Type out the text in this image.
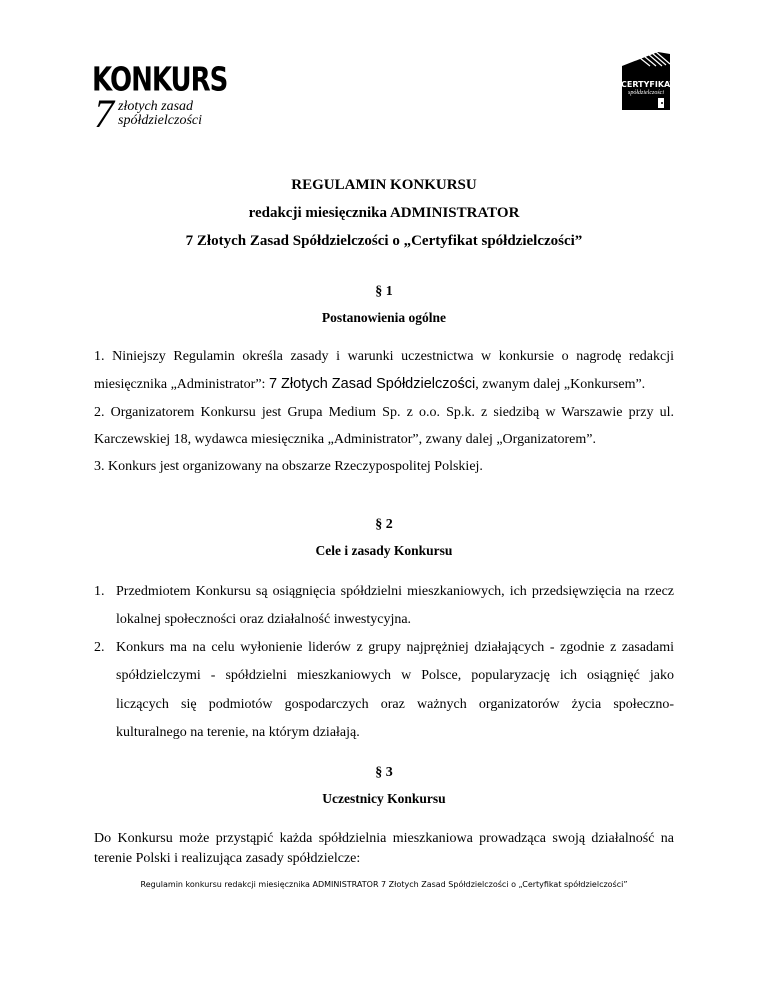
KONKURS
7 złotych zasad
spółdzielczości
CERTYFIKAT
spółdzielczości
REGULAMIN KONKURSU
redakcji miesięcznika ADMINISTRATOR
7 Złotych Zasad Spółdzielczości o „Certyfikat spółdzielczości”
§ 1
Postanowienia ogólne
1. Niniejszy Regulamin określa zasady i warunki uczestnictwa w konkursie o nagrodę redakcji
miesięcznika „Administrator”: 7 Złotych Zasad Spółdzielczości, zwanym dalej „Konkursem”.
2. Organizatorem Konkursu jest Grupa Medium Sp. z o.o. Sp.k. z siedzibą w Warszawie przy ul.
Karczewskiej 18, wydawca miesięcznika „Administrator”, zwany dalej „Organizatorem”.
3. Konkurs jest organizowany na obszarze Rzeczypospolitej Polskiej.
§ 2
Cele i zasady Konkursu
1. Przedmiotem Konkursu są osiągnięcia spółdzielni mieszkaniowych, ich przedsięwzięcia na rzecz
lokalnej społeczności oraz działalność inwestycyjna.
2. Konkurs ma na celu wyłonienie liderów z grupy najprężniej działających - zgodnie z zasadami
spółdzielczymi - spółdzielni mieszkaniowych w Polsce, popularyzację ich osiągnięć jako
liczących się podmiotów gospodarczych oraz ważnych organizatorów życia społeczno-
kulturalnego na terenie, na którym działają.
§ 3
Uczestnicy Konkursu
Do Konkursu może przystąpić każda spółdzielnia mieszkaniowa prowadząca swoją działalność na
terenie Polski i realizująca zasady spółdzielcze:
Regulamin konkursu redakcji miesięcznika ADMINISTRATOR 7 Złotych Zasad Spółdzielczości o „Certyfikat spółdzielczości”
